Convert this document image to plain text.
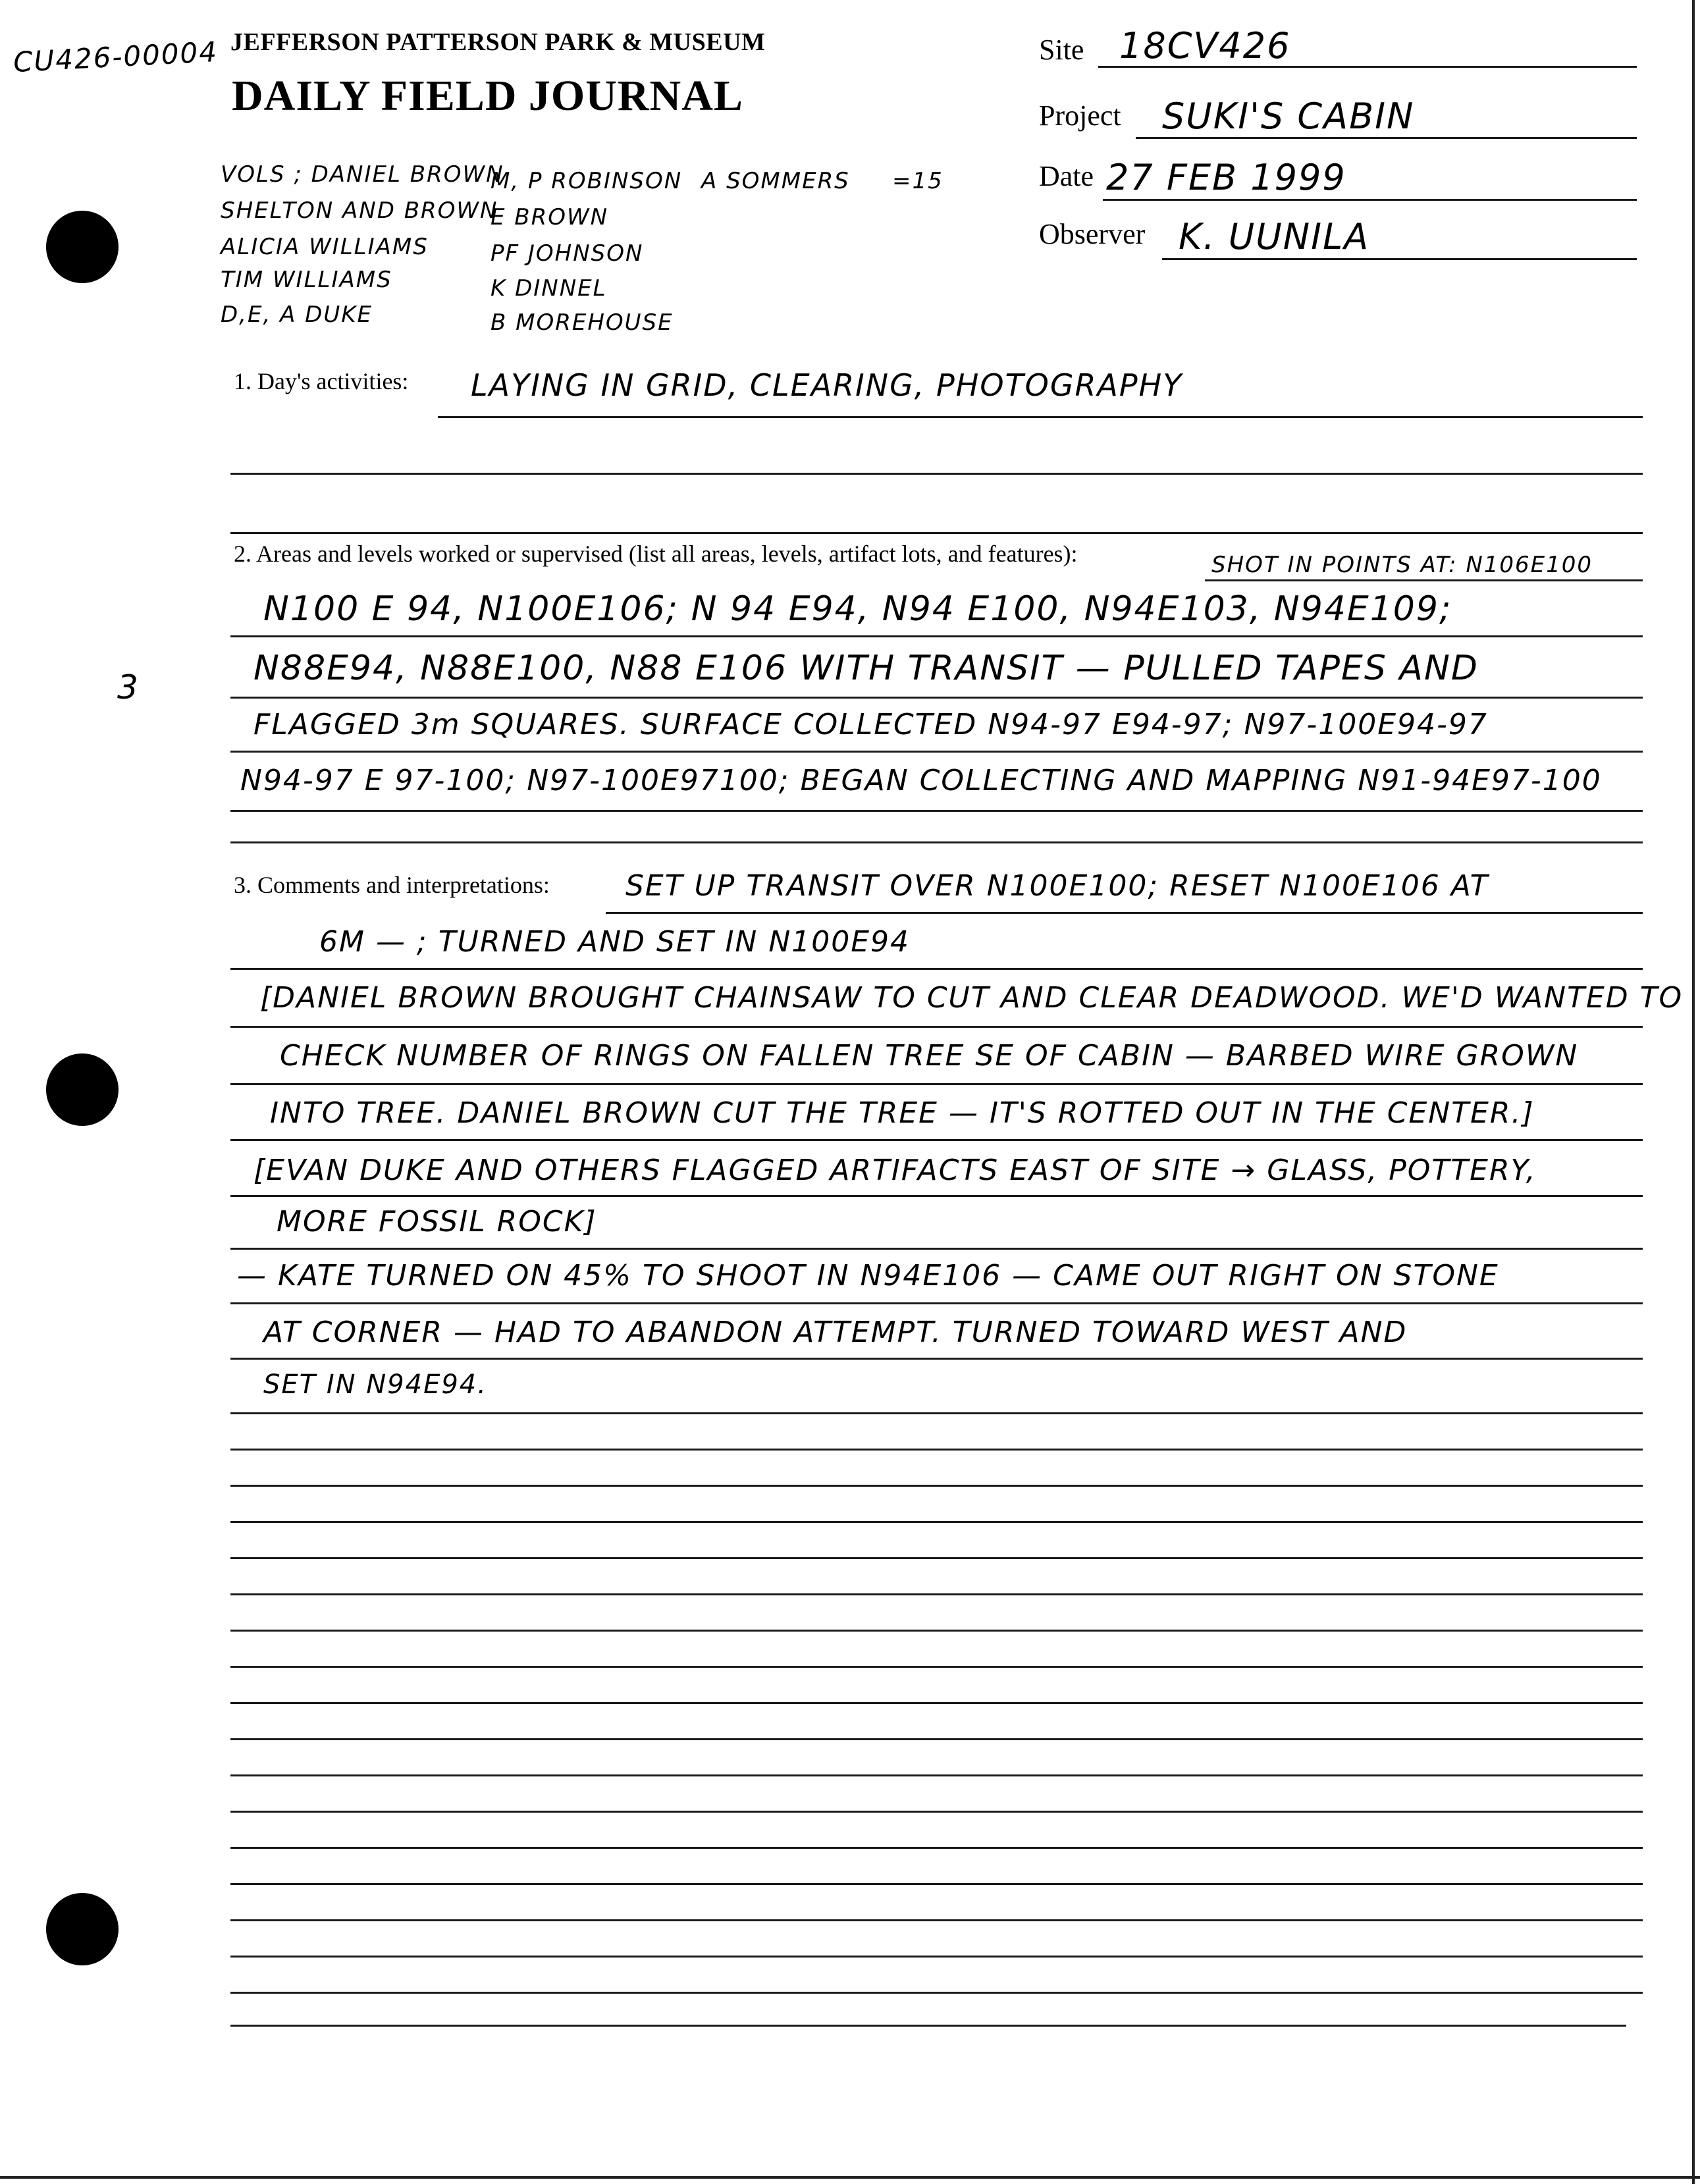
CU426-00004 JEFFERSON PATTERSON PARK & MUSEUM
DAILY FIELD JOURNAL
Site 18CV426
Project SUKI'S CABIN
Date 27 FEB 1999
Observer K. UUNILA
VOLS ; DANIEL BROWN
SHELTON AND BROWN
ALICIA WILLIAMS
TIM WILLIAMS
D,E, A DUKE
M, P ROBINSON
E BROWN
PF JOHNSON
K DINNEL
B MOREHOUSE
A SOMMERS =15
3
1. Day's activities: LAYING IN GRID, CLEARING, PHOTOGRAPHY
2. Areas and levels worked or supervised (list all areas, levels, artifact lots, and features):	SHOT IN POINTS AT: N106E100
N100 E 94, N100E106; N 94 E94, N94 E100, N94E103, N94E109;
N88E94, N88E100, N88 E106 WITH TRANSIT — PULLED TAPES AND
FLAGGED 3m SQUARES. SURFACE COLLECTED N94-97 E94-97; N97-100E94-97
N94-97 E 97-100; N97-100E97100; BEGAN COLLECTING AND MAPPING N91-94E97-100
3. Comments and interpretations:	SET UP TRANSIT OVER N100E100; RESET N100E106 AT
6M — ; TURNED AND SET IN N100E94
[DANIEL BROWN BROUGHT CHAINSAW TO CUT AND CLEAR DEADWOOD. WE'D WANTED TO
CHECK NUMBER OF RINGS ON FALLEN TREE SE OF CABIN — BARBED WIRE GROWN
INTO TREE. DANIEL BROWN CUT THE TREE — IT'S ROTTED OUT IN THE CENTER.]
[EVAN DUKE AND OTHERS FLAGGED ARTIFACTS EAST OF SITE → GLASS, POTTERY,
MORE FOSSIL ROCK]
— KATE TURNED ON 45% TO SHOOT IN N94E106 — CAME OUT RIGHT ON STONE
AT CORNER — HAD TO ABANDON ATTEMPT. TURNED TOWARD WEST AND
SET IN N94E94.
